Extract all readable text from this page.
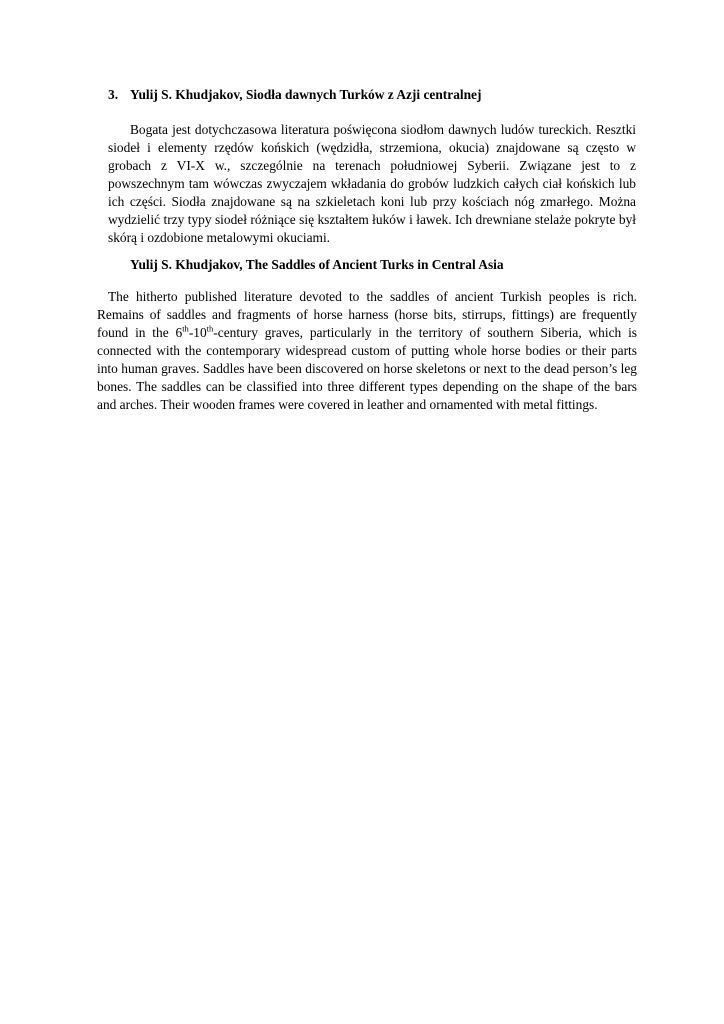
3. Yulij S. Khudjakov, Siodła dawnych Turków z Azji centralnej

Bogata jest dotychczasowa literatura poświęcona siodłom dawnych ludów tureckich. Resztki siodeł i elementy rzędów końskich (wędzidła, strzemiona, okucia) znajdowane są często w grobach z VI-X w., szczególnie na terenach południowej Syberii. Związane jest to z powszechnym tam wówczas zwyczajem wkładania do grobów ludzkich całych ciał końskich lub ich części. Siodła znajdowane są na szkieletach koni lub przy kościach nóg zmarłego. Można wydzielić trzy typy siodeł różniące się kształtem łuków i ławek. Ich drewniane stelaże pokryte był skórą i ozdobione metalowymi okuciami.

Yulij S. Khudjakov, The Saddles of Ancient Turks in Central Asia

The hitherto published literature devoted to the saddles of ancient Turkish peoples is rich. Remains of saddles and fragments of horse harness (horse bits, stirrups, fittings) are frequently found in the 6th-10th-century graves, particularly in the territory of southern Siberia, which is connected with the contemporary widespread custom of putting whole horse bodies or their parts into human graves. Saddles have been discovered on horse skeletons or next to the dead person’s leg bones. The saddles can be classified into three different types depending on the shape of the bars and arches. Their wooden frames were covered in leather and ornamented with metal fittings.
